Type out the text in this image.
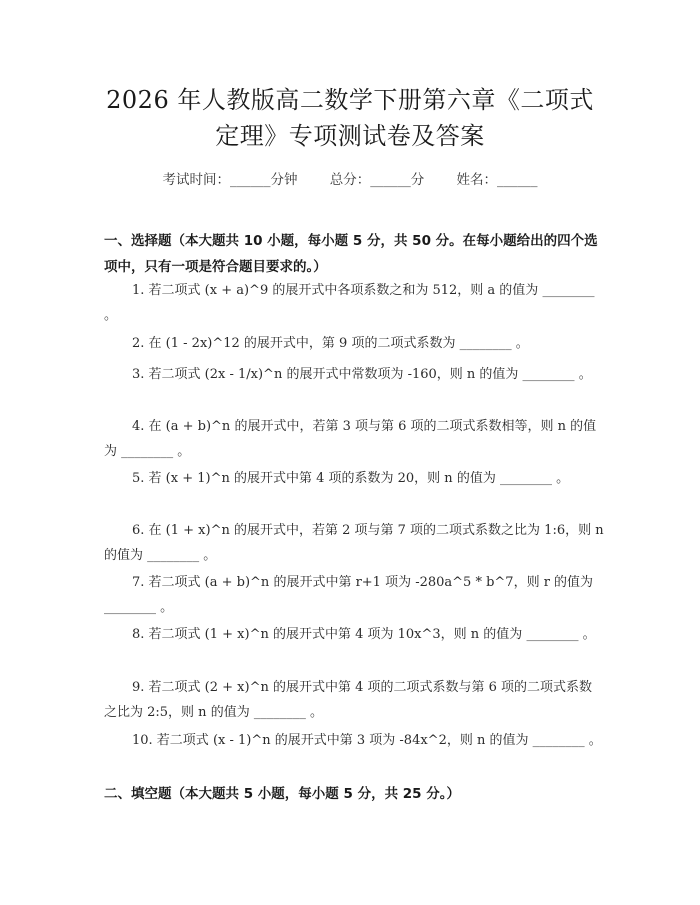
2026 年人教版高二数学下册第六章《二项式
定理》专项测试卷及答案
考试时间：______分钟 总分：______分 姓名：______
一、选择题（本大题共 10 小题，每小题 5 分，共 50 分。在每小题给出的四个选项中，只有一项是符合题目要求的。）
1. 若二项式 (x + a)^9 的展开式中各项系数之和为 512，则 a 的值为 ________ 。
2. 在 (1 - 2x)^12 的展开式中，第 9 项的二项式系数为 ________ 。
3. 若二项式 (2x - 1/x)^n 的展开式中常数项为 -160，则 n 的值为 ________ 。
4. 在 (a + b)^n 的展开式中，若第 3 项与第 6 项的二项式系数相等，则 n 的值为 ________ 。
5. 若 (x + 1)^n 的展开式中第 4 项的系数为 20，则 n 的值为 ________ 。
6. 在 (1 + x)^n 的展开式中，若第 2 项与第 7 项的二项式系数之比为 1:6，则 n 的值为 ________ 。
7. 若二项式 (a + b)^n 的展开式中第 r+1 项为 -280a^5 * b^7，则 r 的值为 ________ 。
8. 若二项式 (1 + x)^n 的展开式中第 4 项为 10x^3，则 n 的值为 ________ 。
9. 若二项式 (2 + x)^n 的展开式中第 4 项的二项式系数与第 6 项的二项式系数之比为 2:5，则 n 的值为 ________ 。
10. 若二项式 (x - 1)^n 的展开式中第 3 项为 -84x^2，则 n 的值为 ________ 。
二、填空题（本大题共 5 小题，每小题 5 分，共 25 分。）
